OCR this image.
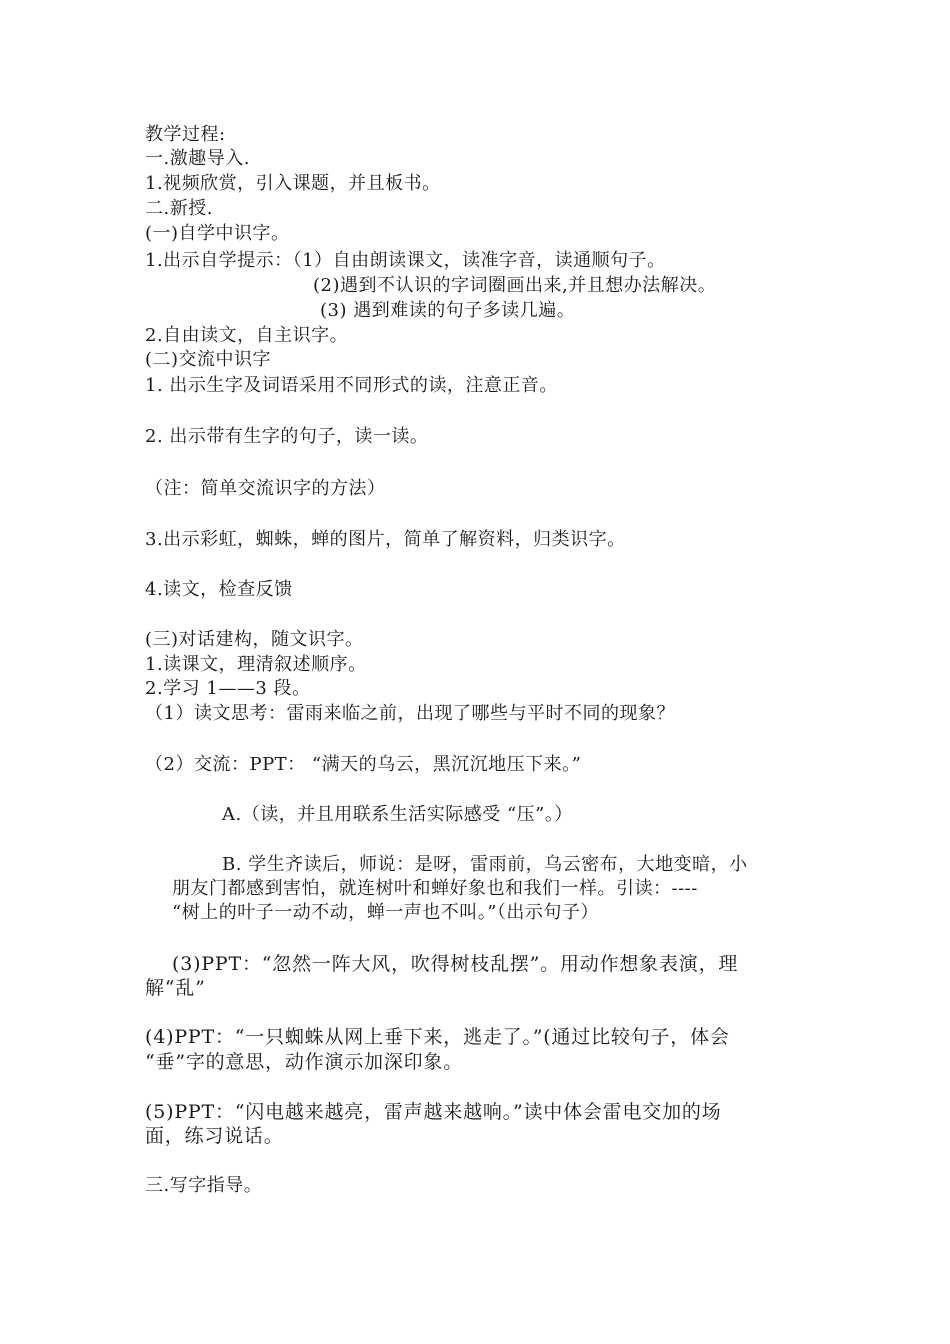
教学过程:
一.激趣导入.
1.视频欣赏，引入课题，并且板书。
二.新授.
(一)自学中识字。
1.出示自学提示：（1）自由朗读课文，读准字音，读通顺句子。
(2)遇到不认识的字词圈画出来,并且想办法解决。
(3) 遇到难读的句子多读几遍。
2.自由读文，自主识字。
(二)交流中识字
1. 出示生字及词语采用不同形式的读，注意正音。
2. 出示带有生字的句子，读一读。
（注：简单交流识字的方法）
3.出示彩虹，蜘蛛，蝉的图片，简单了解资料，归类识字。
4.读文，检查反馈
(三)对话建构，随文识字。
1.读课文，理清叙述顺序。
2.学习 1——3 段。
（1）读文思考：雷雨来临之前，出现了哪些与平时不同的现象？
（2）交流：PPT： “满天的乌云，黑沉沉地压下来。”
A.（读，并且用联系生活实际感受 “压”。）
B. 学生齐读后，师说：是呀，雷雨前，乌云密布，大地变暗，小
朋友门都感到害怕，就连树叶和蝉好象也和我们一样。引读：----
“树上的叶子一动不动，蝉一声也不叫。”（出示句子）
(3)PPT：“忽然一阵大风，吹得树枝乱摆”。用动作想象表演，理
解“乱”
(4)PPT：“一只蜘蛛从网上垂下来，逃走了。”(通过比较句子，体会
“垂”字的意思，动作演示加深印象。
(5)PPT：“闪电越来越亮，雷声越来越响。”读中体会雷电交加的场
面，练习说话。
三.写字指导。
